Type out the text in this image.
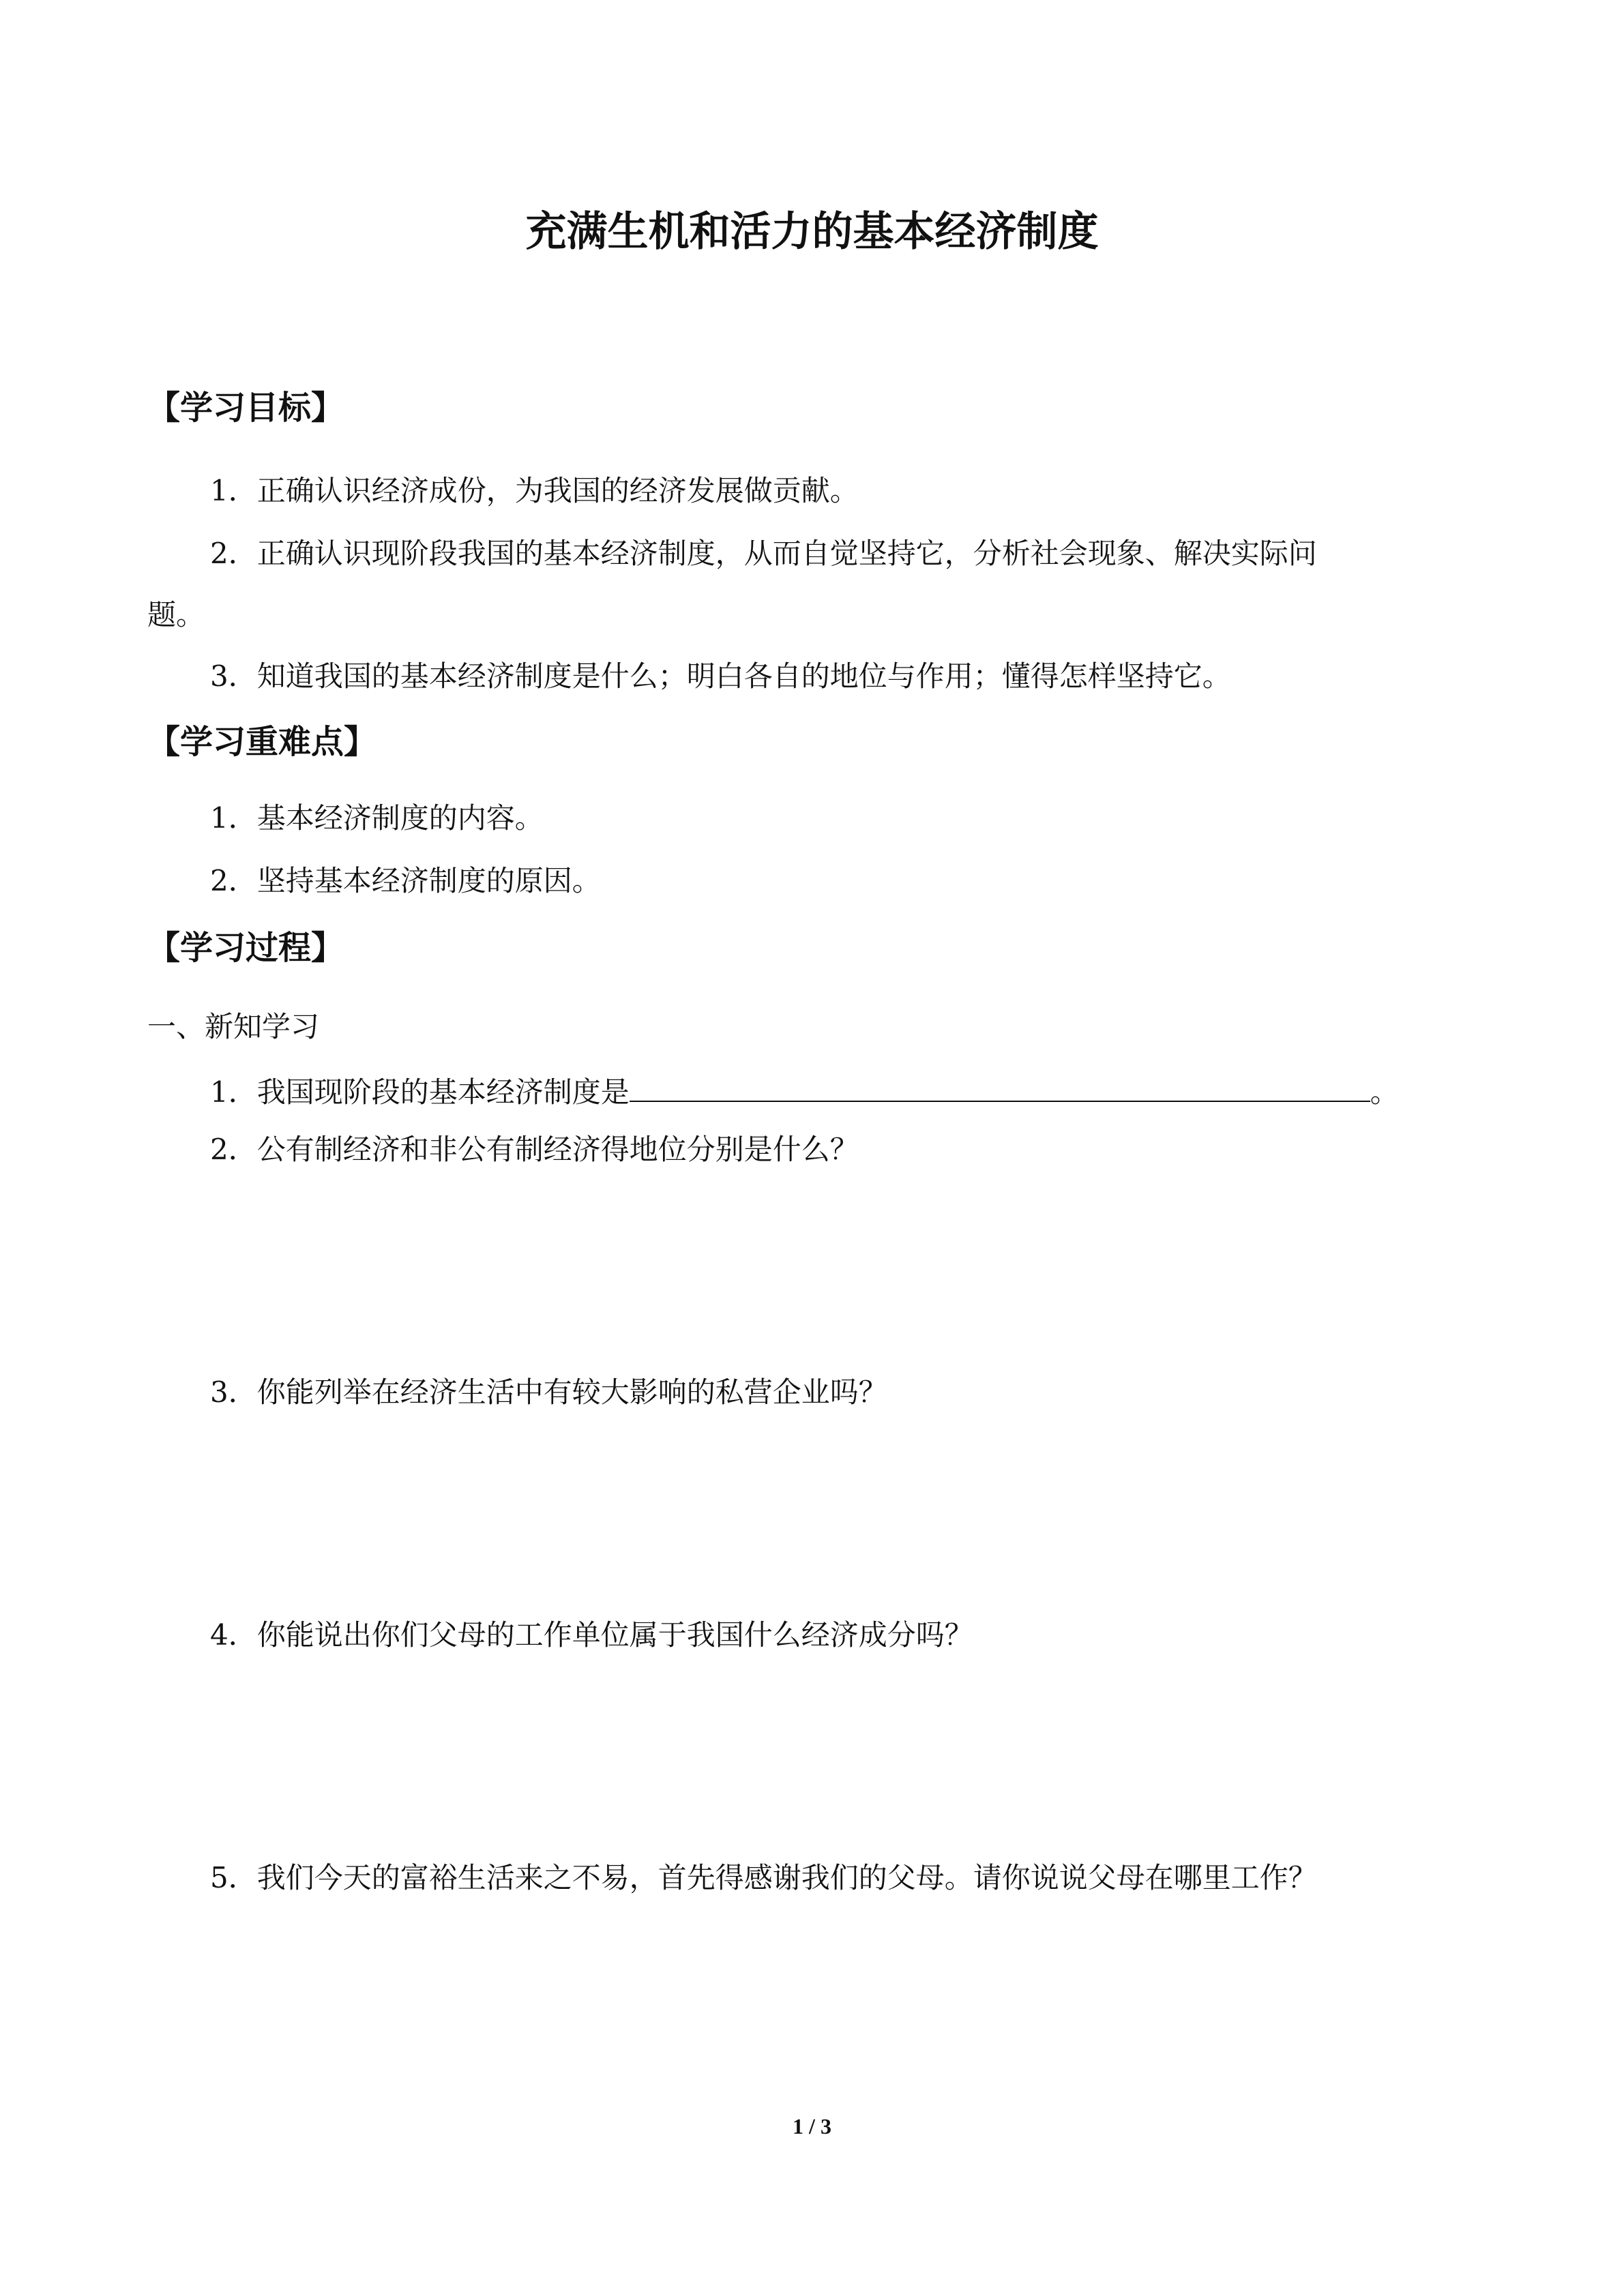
充满生机和活力的基本经济制度
【学习目标】
1．正确认识经济成份，为我国的经济发展做贡献。
2．正确认识现阶段我国的基本经济制度，从而自觉坚持它，分析社会现象、解决实际问
题。
3．知道我国的基本经济制度是什么；明白各自的地位与作用；懂得怎样坚持它。
【学习重难点】
1．基本经济制度的内容。
2．坚持基本经济制度的原因。
【学习过程】
一、新知学习
1．我国现阶段的基本经济制度是	。
2．公有制经济和非公有制经济得地位分别是什么？
3．你能列举在经济生活中有较大影响的私营企业吗？
4．你能说出你们父母的工作单位属于我国什么经济成分吗？
5．我们今天的富裕生活来之不易，首先得感谢我们的父母。请你说说父母在哪里工作？
1 / 3
